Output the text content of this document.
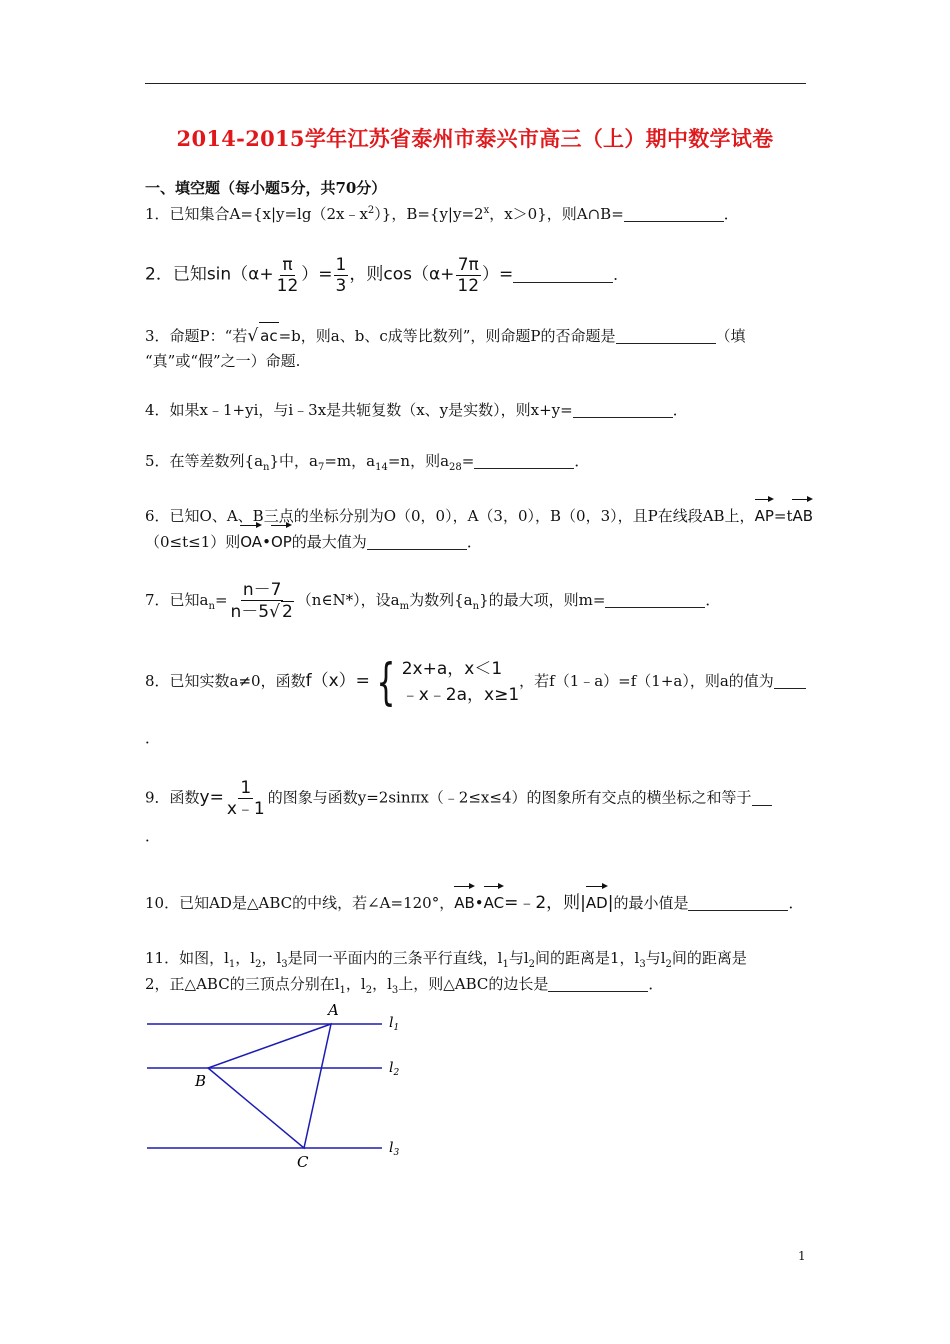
2014-2015学年江苏省泰州市泰兴市高三（上）期中数学试卷
一、填空题（每小题5分，共70分）
1．已知集合$A=\{x|y=\lg(2x﹣x^2)\}$，$B=\{y|y=2^x$，x＞0}，则A∩B=	．
2．已知$\sin(\alpha+ \frac{\pi}{12}$ ）= $\frac{1}{3}$ ，则$\cos(\alpha+ \frac{7\pi}{12}$ ）=	．
3．命题P：“若√ ac=b，则a、b、c成等比数列”，则命题P的否命题是	（填
“真”或“假”之一）命题.
4．如果x﹣1+yi，与i﹣3x是共轭复数（x、y是实数），则x+y=	．
5．在等差数列$\{a_n\}$中，$a_7=m$，$a_{14}=n$，则$a_{28}=$	．
6．已知O、A、B三点的坐标分别为O（0，0），A（3，0），B（0，3），且P在线段AB上，AP=tAB
（0≤t≤1）则OA•OP的最大值为	．
7．已知$a_n= \frac{n-7}{n-5√ 2}$ （n∈N*），设$a_m$为数列$\{a_n\}$的最大项，则m=	．
8．已知实数a≠0，函数f（x）= { 2x+a，x＜1
﹣x﹣2a，x≥1
，若f（1﹣a）=f（1+a），则a的值为
．
9．函数$y= \frac{1}{x﹣1}$ 的图象与函数y=2sinπx（﹣2≤x≤4）的图象所有交点的横坐标之和等于
．
10．已知AD是△ABC的中线，若∠A=120°，AB•AC=﹣2，则|AD|的最小值是	．
11．如图，$l_1$，$l_2$，$l_3$是同一平面内的三条平行直线，$l_1$与$l_2$间的距离是1，$l_3$与$l_2$间的距离是
2，正△ABC的三顶点分别在$l_1$，$l_2$，$l_3$上，则△ABC的边长是	．
A
B
C
$l_1$
$l_2$
$l_3$
1
